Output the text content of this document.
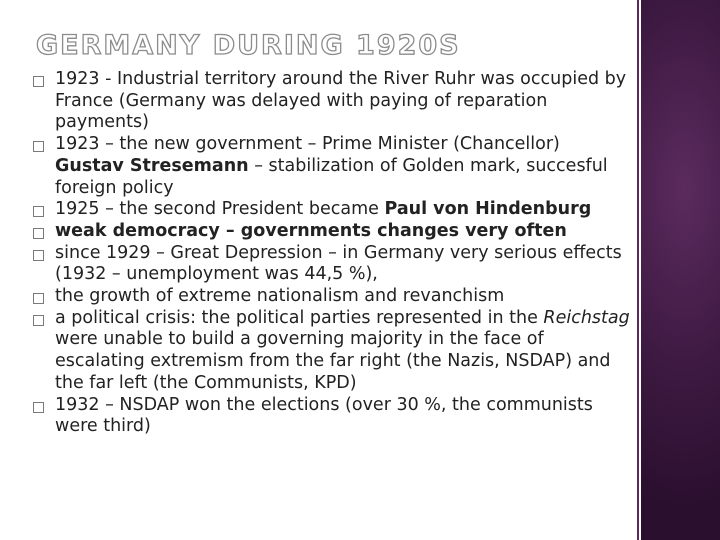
GERMANY DURING 1920S
1923 - Industrial territory around the River Ruhr was occupied by France (Germany was delayed with paying of reparation payments)
1923 – the new government – Prime Minister (Chancellor) Gustav Stresemann – stabilization of Golden mark, succesful foreign policy
1925 – the second President became Paul von Hindenburg
weak democracy – governments changes very often
since 1929 – Great Depression – in Germany very serious effects (1932 – unemployment was 44,5 %),
the growth of extreme nationalism and revanchism
a political crisis: the political parties represented in the Reichstag were unable to build a governing majority in the face of escalating extremism from the far right (the Nazis, NSDAP) and the far left (the Communists, KPD)
1932 – NSDAP won the elections (over 30 %, the communists were third)
